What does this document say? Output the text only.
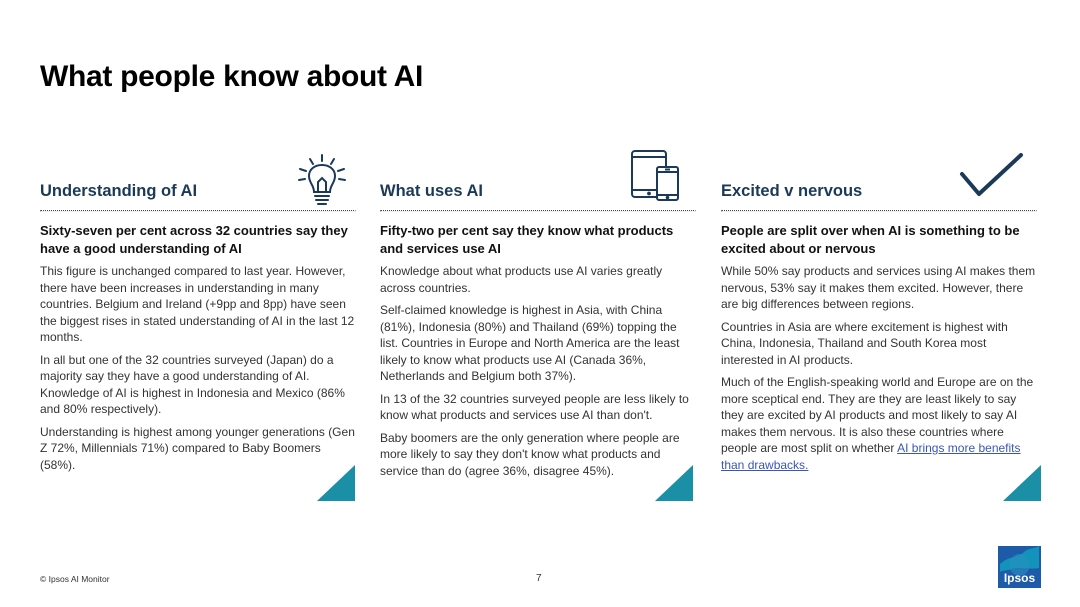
What people know about AI
Understanding of AI

Sixty-seven per cent across 32 countries say they have a good understanding of AI

This figure is unchanged compared to last year. However, there have been increases in understanding in many countries. Belgium and Ireland (+9pp and 8pp) have seen the biggest rises in stated understanding of AI in the last 12 months.

In all but one of the 32 countries surveyed (Japan) do a majority say they have a good understanding of AI. Knowledge of AI is highest in Indonesia and Mexico (86% and 80% respectively).

Understanding is highest among younger generations (Gen Z 72%, Millennials 71%) compared to Baby Boomers (58%).

What uses AI

Fifty-two per cent say they know what products and services use AI

Knowledge about what products use AI varies greatly across countries.

Self-claimed knowledge is highest in Asia, with China (81%), Indonesia (80%) and Thailand (69%) topping the list. Countries in Europe and North America are the least likely to know what products use AI (Canada 36%, Netherlands and Belgium both 37%).

In 13 of the 32 countries surveyed people are less likely to know what products and services use AI than don't.

Baby boomers are the only generation where people are more likely to say they don't know what products and service than do (agree 36%, disagree 45%).

Excited v nervous

People are split over when AI is something to be excited about or nervous

While 50% say products and services using AI makes them nervous, 53% say it makes them excited. However, there are big differences between regions.

Countries in Asia are where excitement is highest with China, Indonesia, Thailand and South Korea most interested in AI products.

Much of the English-speaking world and Europe are on the more sceptical end. They are they are least likely to say they are excited by AI products and most likely to say AI makes them nervous. It is also these countries where people are most split on whether AI brings more benefits than drawbacks.

© Ipsos AI Monitor	7	Ipsos
